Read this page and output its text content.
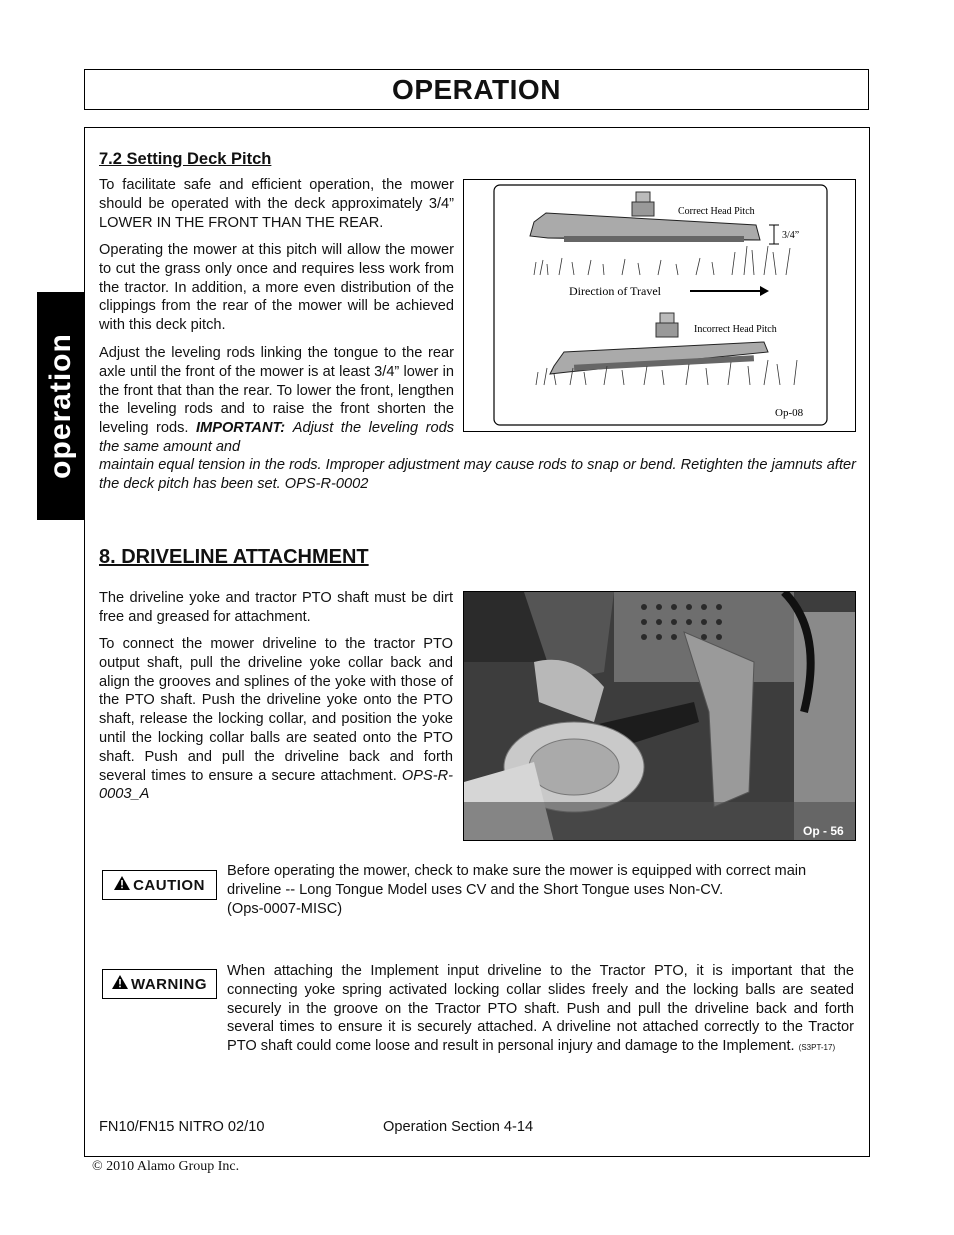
OPERATION
operation
7.2 Setting Deck Pitch

To facilitate safe and efficient operation, the mower should be operated with the deck approximately 3/4” LOWER IN THE FRONT THAN THE REAR.

Operating the mower at this pitch will allow the mower to cut the grass only once and requires less work from the tractor. In addition, a more even distribution of the clippings from the rear of the mower will be achieved with this deck pitch.

Adjust the leveling rods linking the tongue to the rear axle until the front of the mower is at least 3/4” lower in the front that than the rear. To lower the front, lengthen the leveling rods and to raise the front shorten the leveling rods. IMPORTANT: Adjust the leveling rods the same amount and

maintain equal tension in the rods. Improper adjustment may cause rods to snap or bend. Retighten the jamnuts after the deck pitch has been set. OPS-R-0002

Correct Head Pitch
3/4”
Direction of Travel
Incorrect Head Pitch
Op-08
8. DRIVELINE ATTACHMENT

The driveline yoke and tractor PTO shaft must be dirt free and greased for attachment.

To connect the mower driveline to the tractor PTO output shaft, pull the driveline yoke collar back and align the grooves and splines of the yoke with those of the PTO shaft. Push the driveline yoke onto the PTO shaft, release the locking collar, and position the yoke until the locking collar balls are seated onto the PTO shaft. Push and pull the driveline back and forth several times to ensure a secure attachment. OPS-R-0003_A

Op - 56
CAUTION

Before operating the mower, check to make sure the mower is equipped with correct main driveline -- Long Tongue Model uses CV and the Short Tongue uses Non-CV.
(Ops-0007-MISC)

WARNING

When attaching the Implement input driveline to the Tractor PTO, it is important that the connecting yoke spring activated locking collar slides freely and the locking balls are seated securely in the groove on the Tractor PTO shaft. Push and pull the driveline back and forth several times to ensure it is securely attached. A driveline not attached correctly to the Tractor PTO shaft could come loose and result in personal injury and damage to the Implement. (S3PT-17)

FN10/FN15 NITRO 02/10	Operation Section 4-14
© 2010 Alamo Group Inc.
